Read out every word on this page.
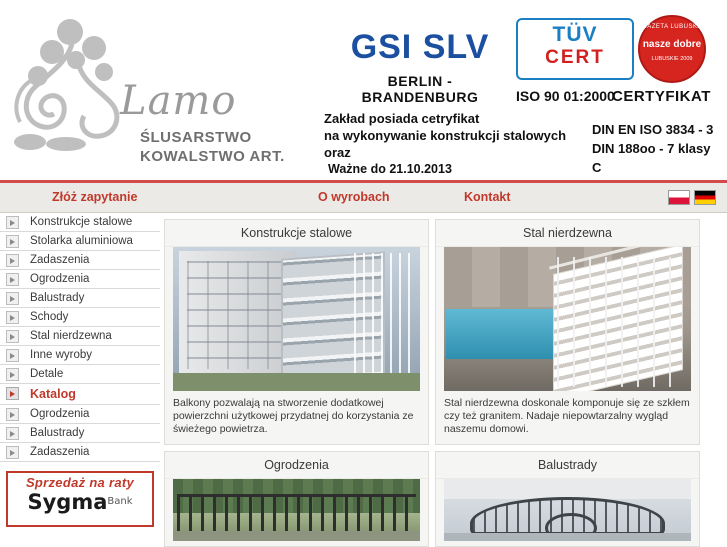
Lamo
ŚLUSARSTWO
KOWALSTWO ART.
GSI SLV
BERLIN - BRANDENBURG
TÜV
CERT
ISO 90 01:2000
GAZETA LUBUSKA
nasze dobre
LUBUSKIE 2009
CERTYFIKAT
Zakład posiada cetryfikat
na wykonywanie konstrukcji stalowych
oraz
Ważne do 21.10.2013
DIN EN ISO 3834 - 3
DIN 188oo - 7 klasy C
Złóż zapytanie	O wyrobach	Kontakt
Konstrukcje stalowe
Stolarka aluminiowa
Zadaszenia
Ogrodzenia
Balustrady
Schody
Stal nierdzewna
Inne wyroby
Detale
Katalog
Ogrodzenia
Balustrady
Zadaszenia
Sprzedaż na raty
SygmaBank
Konstrukcje stalowe
Balkony pozwalają na stworzenie dodatkowej powierzchni użytkowej przydatnej do korzystania ze świeżego powietrza.
Stal nierdzewna
Stal nierdzewna doskonale komponuje się ze szkłem czy też granitem. Nadaje niepowtarzalny wygląd naszemu domowi.
Ogrodzenia	Balustrady
